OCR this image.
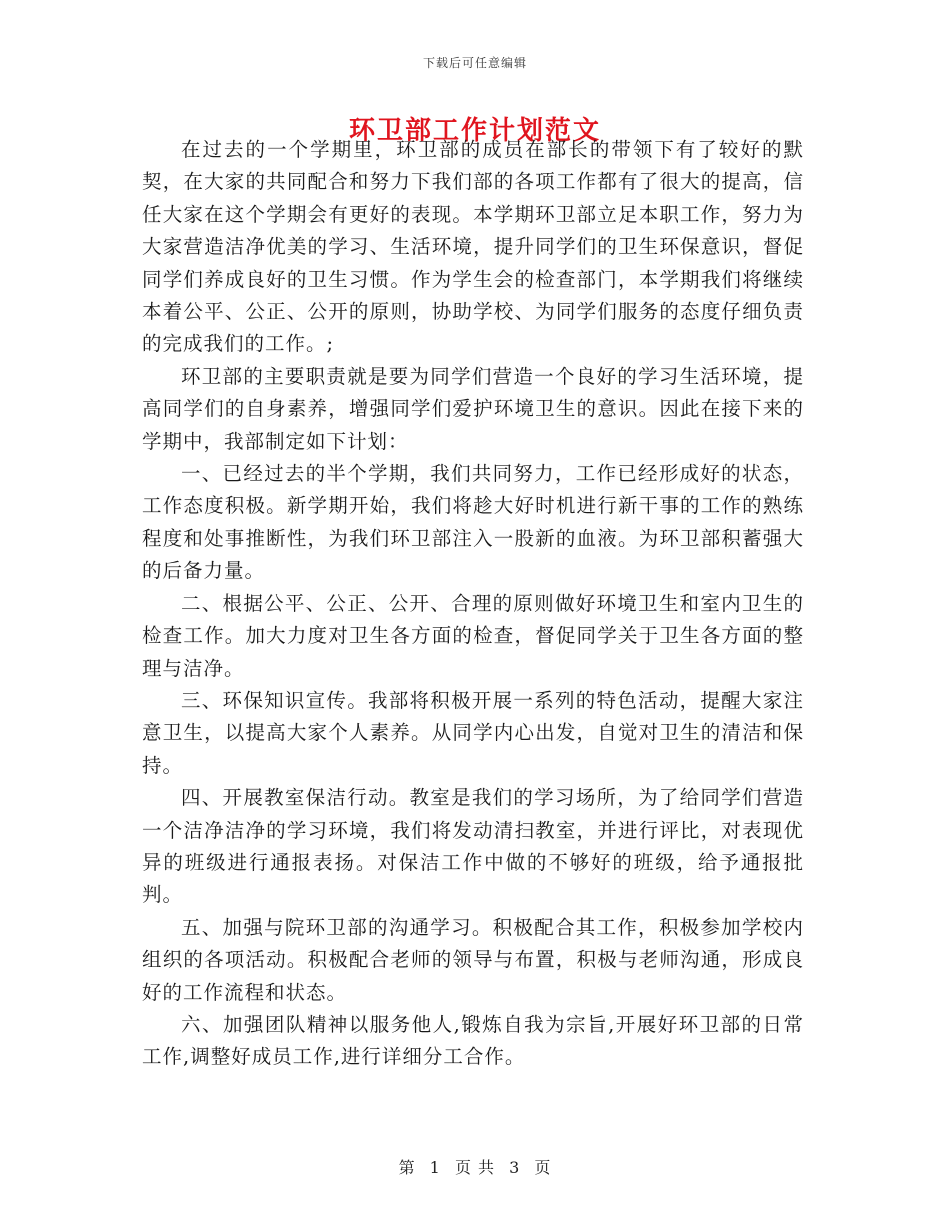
下载后可任意编辑
环卫部工作计划范文

在过去的一个学期里，环卫部的成员在部长的带领下有了较好的默契，在大家的共同配合和努力下我们部的各项工作都有了很大的提高，信任大家在这个学期会有更好的表现。本学期环卫部立足本职工作，努力为大家营造洁净优美的学习、生活环境，提升同学们的卫生环保意识，督促同学们养成良好的卫生习惯。作为学生会的检查部门，本学期我们将继续本着公平、公正、公开的原则，协助学校、为同学们服务的态度仔细负责的完成我们的工作。;

环卫部的主要职责就是要为同学们营造一个良好的学习生活环境，提高同学们的自身素养，增强同学们爱护环境卫生的意识。因此在接下来的学期中，我部制定如下计划：

一、已经过去的半个学期，我们共同努力，工作已经形成好的状态，工作态度积极。新学期开始，我们将趁大好时机进行新干事的工作的熟练程度和处事推断性，为我们环卫部注入一股新的血液。为环卫部积蓄强大的后备力量。

二、根据公平、公正、公开、合理的原则做好环境卫生和室内卫生的检查工作。加大力度对卫生各方面的检查，督促同学关于卫生各方面的整理与洁净。

三、环保知识宣传。我部将积极开展一系列的特色活动，提醒大家注意卫生，以提高大家个人素养。从同学内心出发，自觉对卫生的清洁和保持。

四、开展教室保洁行动。教室是我们的学习场所，为了给同学们营造一个洁净洁净的学习环境，我们将发动清扫教室，并进行评比，对表现优异的班级进行通报表扬。对保洁工作中做的不够好的班级，给予通报批判。

五、加强与院环卫部的沟通学习。积极配合其工作，积极参加学校内组织的各项活动。积极配合老师的领导与布置，积极与老师沟通，形成良好的工作流程和状态。

六、加强团队精神以服务他人,锻炼自我为宗旨,开展好环卫部的日常工作,调整好成员工作,进行详细分工合作。

第 1 页 共 3 页
